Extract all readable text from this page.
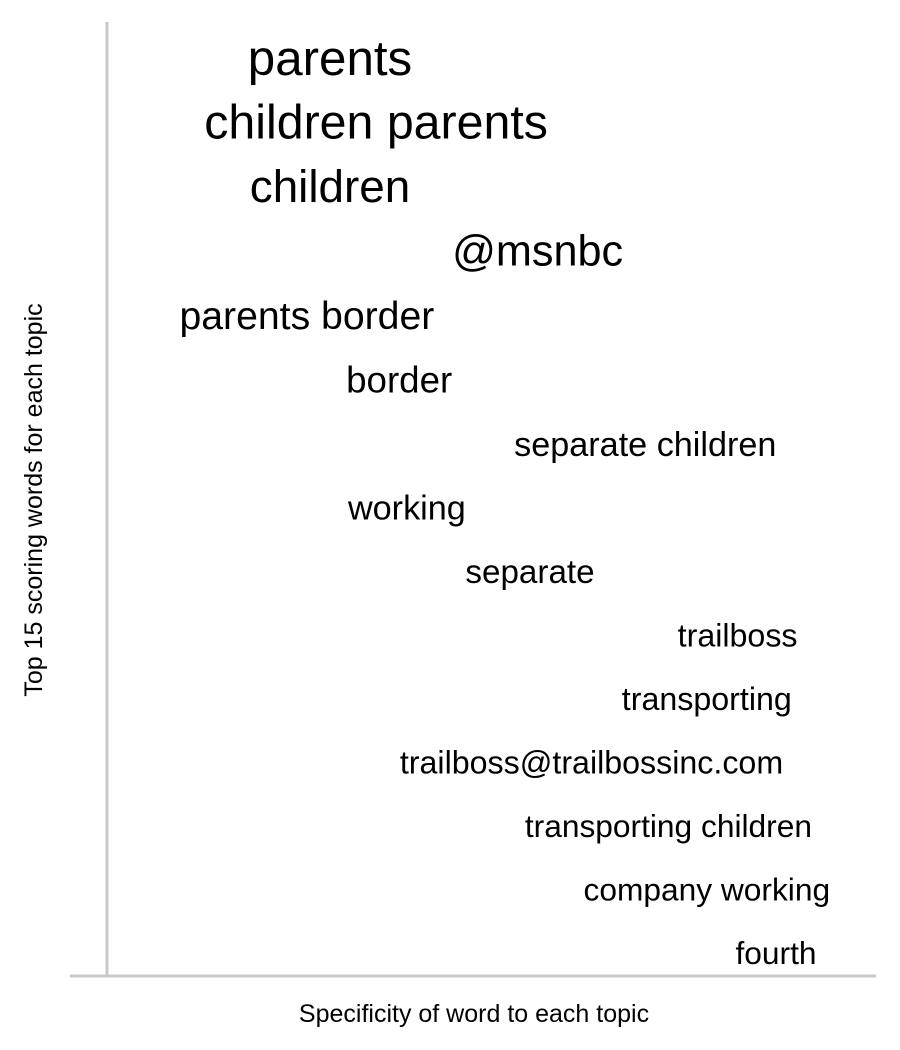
parents
children parents
children
@msnbc
parents border
border
separate children
working
separate
trailboss
transporting
trailboss@trailbossinc.com
transporting children
company working
fourth
Specificity of word to each topic
Top 15 scoring words for each topic
